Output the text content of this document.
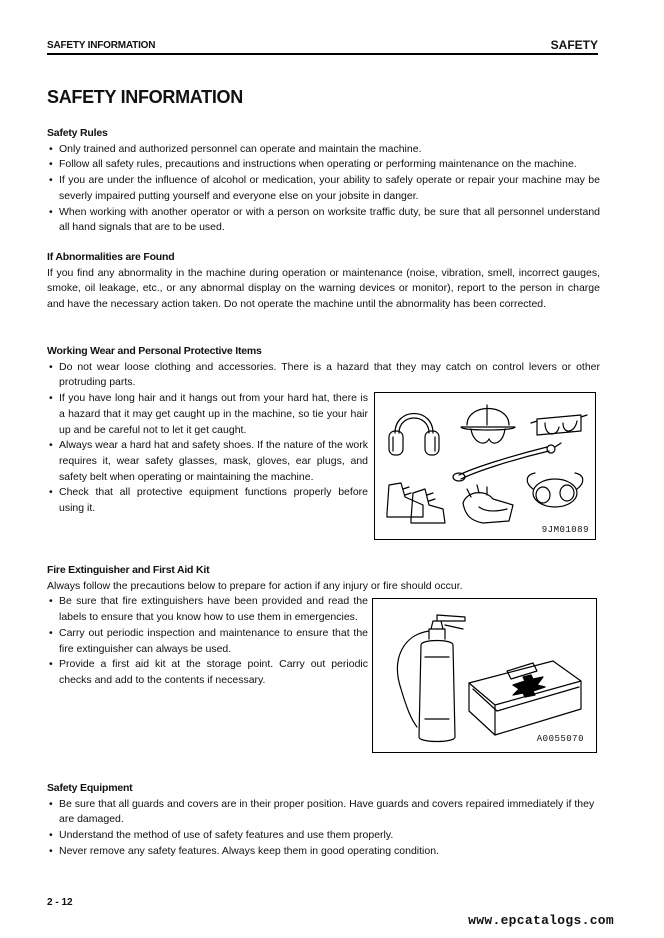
SAFETY INFORMATION	SAFETY
SAFETY INFORMATION
Safety Rules
• Only trained and authorized personnel can operate and maintain the machine.
• Follow all safety rules, precautions and instructions when operating or performing maintenance on the machine.
• If you are under the influence of alcohol or medication, your ability to safely operate or repair your machine may be severly impaired putting yourself and everyone else on your jobsite in danger.
• When working with another operator or with a person on worksite traffic duty, be sure that all personnel understand all hand signals that are to be used.
If Abnormalities are Found
If you find any abnormality in the machine during operation or maintenance (noise, vibration, smell, incorrect gauges, smoke, oil leakage, etc., or any abnormal display on the warning devices or monitor), report to the person in charge and have the necessary action taken. Do not operate the machine until the abnormality has been corrected.
Working Wear and Personal Protective Items
• Do not wear loose clothing and accessories. There is a hazard that they may catch on control levers or other protruding parts.
• If you have long hair and it hangs out from your hard hat, there is a hazard that it may get caught up in the machine, so tie your hair up and be careful not to let it get caught.
• Always wear a hard hat and safety shoes. If the nature of the work requires it, wear safety glasses, mask, gloves, ear plugs, and safety belt when operating or maintaining the machine.
• Check that all protective equipment functions properly before using it.
9JM01089
Fire Extinguisher and First Aid Kit
Always follow the precautions below to prepare for action if any injury or fire should occur.
• Be sure that fire extinguishers have been provided and read the labels to ensure that you know how to use them in emergencies.
• Carry out periodic inspection and maintenance to ensure that the fire extinguisher can always be used.
• Provide a first aid kit at the storage point. Carry out periodic checks and add to the contents if necessary.
A0055070
Safety Equipment
• Be sure that all guards and covers are in their proper position. Have guards and covers repaired immediately if they are damaged.
• Understand the method of use of safety features and use them properly.
• Never remove any safety features. Always keep them in good operating condition.
2 - 12
www.epcatalogs.com
